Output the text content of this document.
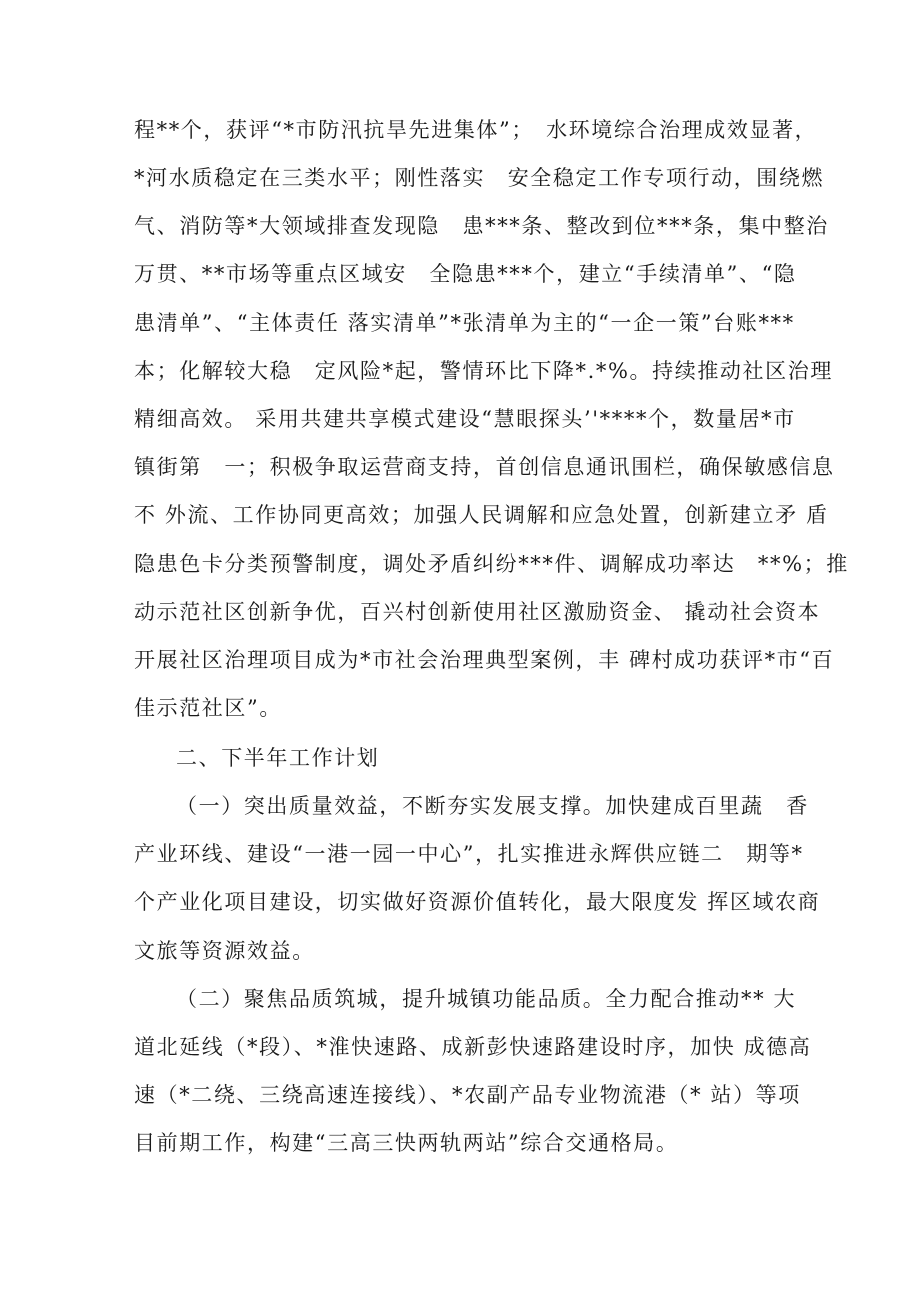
程**个，获评“*市防汛抗旱先进集体”；　水环境综合治理成效显著，
*河水质稳定在三类水平；刚性落实　安全稳定工作专项行动，围绕燃
气、消防等*大领域排查发现隐　患***条、整改到位***条，集中整治
万贯、**市场等重点区域安　全隐患***个，建立“手续清单”、“隐
患清单”、“主体责任 落实清单”*张清单为主的“一企一策”台账***
本；化解较大稳　定风险*起，警情环比下降*.*%。持续推动社区治理
精细高效。 采用共建共享模式建设“慧眼探头’'****个，数量居*市
镇街第　一；积极争取运营商支持，首创信息通讯围栏，确保敏感信息
不 外流、工作协同更高效；加强人民调解和应急处置，创新建立矛 盾
隐患色卡分类预警制度，调处矛盾纠纷***件、调解成功率达　**%；推
动示范社区创新争优，百兴村创新使用社区激励资金、 撬动社会资本
开展社区治理项目成为*市社会治理典型案例，丰 碑村成功获评*市“百
佳示范社区”。
二、下半年工作计划
（一）突出质量效益，不断夯实发展支撑。加快建成百里蔬　香
产业环线、建设“一港一园一中心”，扎实推进永辉供应链二　期等*
个产业化项目建设，切实做好资源价值转化，最大限度发 挥区域农商
文旅等资源效益。
（二）聚焦品质筑城，提升城镇功能品质。全力配合推动** 大
道北延线（*段）、*淮快速路、成新彭快速路建设时序，加快 成德高
速（*二绕、三绕高速连接线）、*农副产品专业物流港（* 站）等项
目前期工作，构建“三高三快两轨两站”综合交通格局。
